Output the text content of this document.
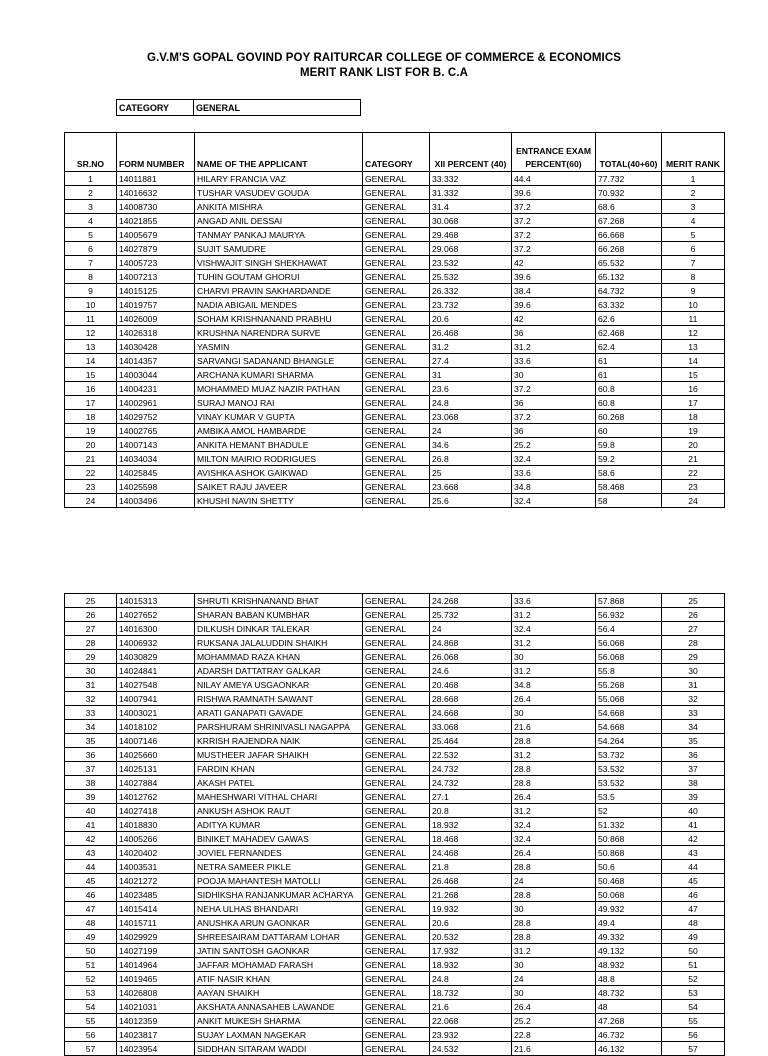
G.V.M'S GOPAL GOVIND POY RAITURCAR COLLEGE OF COMMERCE & ECONOMICS
MERIT RANK LIST FOR B. C.A
CATEGORY	GENERAL
SR.NO	FORM NUMBER	NAME OF THE APPLICANT	CATEGORY	XII PERCENT (40)	ENTRANCE EXAM PERCENT(60)	TOTAL(40+60)	MERIT RANK
1	14011881	HILARY FRANCIA VAZ	GENERAL	33.332	44.4	77.732	1
2	14016632	TUSHAR VASUDEV GOUDA	GENERAL	31.332	39.6	70.932	2
3	14008730	ANKITA MISHRA	GENERAL	31.4	37.2	68.6	3
4	14021855	ANGAD ANIL DESSAI	GENERAL	30.068	37.2	67.268	4
5	14005679	TANMAY PANKAJ MAURYA	GENERAL	29.468	37.2	66.668	5
6	14027879	SUJIT SAMUDRE	GENERAL	29.068	37.2	66.268	6
7	14005723	VISHWAJIT SINGH SHEKHAWAT	GENERAL	23.532	42	65.532	7
8	14007213	TUHIN GOUTAM GHORUI	GENERAL	25.532	39.6	65.132	8
9	14015125	CHARVI PRAVIN SAKHARDANDE	GENERAL	26.332	38.4	64.732	9
10	14019757	NADIA ABIGAIL MENDES	GENERAL	23.732	39.6	63.332	10
11	14026009	SOHAM KRISHNANAND PRABHU	GENERAL	20.6	42	62.6	11
12	14026318	KRUSHNA NARENDRA SURVE	GENERAL	26.468	36	62.468	12
13	14030428	YASMIN	GENERAL	31.2	31.2	62.4	13
14	14014357	SARVANGI SADANAND BHANGLE	GENERAL	27.4	33.6	61	14
15	14003044	ARCHANA KUMARI SHARMA	GENERAL	31	30	61	15
16	14004231	MOHAMMED MUAZ NAZIR PATHAN	GENERAL	23.6	37.2	60.8	16
17	14002961	SURAJ MANOJ RAI	GENERAL	24.8	36	60.8	17
18	14029752	VINAY KUMAR V GUPTA	GENERAL	23.068	37.2	60.268	18
19	14002765	AMBIKA AMOL HAMBARDE	GENERAL	24	36	60	19
20	14007143	ANKITA HEMANT BHADULE	GENERAL	34.6	25.2	59.8	20
21	14034034	MILTON MAIRIO RODRIGUES	GENERAL	26.8	32.4	59.2	21
22	14025845	AVISHKA ASHOK GAIKWAD	GENERAL	25	33.6	58.6	22
23	14025598	SAIKET RAJU JAVEER	GENERAL	23.668	34.8	58.468	23
24	14003496	KHUSHI NAVIN SHETTY	GENERAL	25.6	32.4	58	24
25	14015313	SHRUTI KRISHNANAND BHAT	GENERAL	24.268	33.6	57.868	25
26	14027652	SHARAN BABAN KUMBHAR	GENERAL	25.732	31.2	56.932	26
27	14016300	DILKUSH DINKAR TALEKAR	GENERAL	24	32.4	56.4	27
28	14006932	RUKSANA JALALUDDIN SHAIKH	GENERAL	24.868	31.2	56.068	28
29	14030829	MOHAMMAD RAZA KHAN	GENERAL	26.068	30	56.068	29
30	14024841	ADARSH DATTATRAY GALKAR	GENERAL	24.6	31.2	55.8	30
31	14027548	NILAY AMEYA USGAONKAR	GENERAL	20.468	34.8	55.268	31
32	14007941	RISHWA RAMNATH SAWANT	GENERAL	28.668	26.4	55.068	32
33	14003021	ARATI GANAPATI GAVADE	GENERAL	24.668	30	54.668	33
34	14018102	PARSHURAM SHRINIVASLI NAGAPPA	GENERAL	33.068	21.6	54.668	34
35	14007146	KRRISH RAJENDRA NAIK	GENERAL	25.464	28.8	54.264	35
36	14025660	MUSTHEER JAFAR SHAIKH	GENERAL	22.532	31.2	53.732	36
37	14025131	FARDIN KHAN	GENERAL	24.732	28.8	53.532	37
38	14027884	AKASH PATEL	GENERAL	24.732	28.8	53.532	38
39	14012762	MAHESHWARI VITHAL CHARI	GENERAL	27.1	26.4	53.5	39
40	14027418	ANKUSH ASHOK RAUT	GENERAL	20.8	31.2	52	40
41	14018830	ADITYA KUMAR	GENERAL	18.932	32.4	51.332	41
42	14005266	BINIKET MAHADEV GAWAS	GENERAL	18.468	32.4	50.868	42
43	14020402	JOVIEL FERNANDES	GENERAL	24.468	26.4	50.868	43
44	14003531	NETRA SAMEER PIKLE	GENERAL	21.8	28.8	50.6	44
45	14021272	POOJA MAHANTESH MATOLLI	GENERAL	26.468	24	50.468	45
46	14023485	SIDHIKSHA RANJANKUMAR ACHARYA	GENERAL	21.268	28.8	50.068	46
47	14015414	NEHA ULHAS BHANDARI	GENERAL	19.932	30	49.932	47
48	14015711	ANUSHKA ARUN GAONKAR	GENERAL	20.6	28.8	49.4	48
49	14029929	SHREESAIRAM DATTARAM LOHAR	GENERAL	20.532	28.8	49.332	49
50	14027199	JATIN SANTOSH GAONKAR	GENERAL	17.932	31.2	49.132	50
51	14014964	JAFFAR MOHAMAD FARASH	GENERAL	18.932	30	48.932	51
52	14019465	ATIF NASIR KHAN	GENERAL	24.8	24	48.8	52
53	14026808	AAYAN SHAIKH	GENERAL	18.732	30	48.732	53
54	14021031	AKSHATA ANNASAHEB LAWANDE	GENERAL	21.6	26.4	48	54
55	14012359	ANKIT MUKESH SHARMA	GENERAL	22.068	25.2	47.268	55
56	14023817	SUJAY LAXMAN NAGEKAR	GENERAL	23.932	22.8	46.732	56
57	14023954	SIDDHAN SITARAM WADDI	GENERAL	24.532	21.6	46.132	57
